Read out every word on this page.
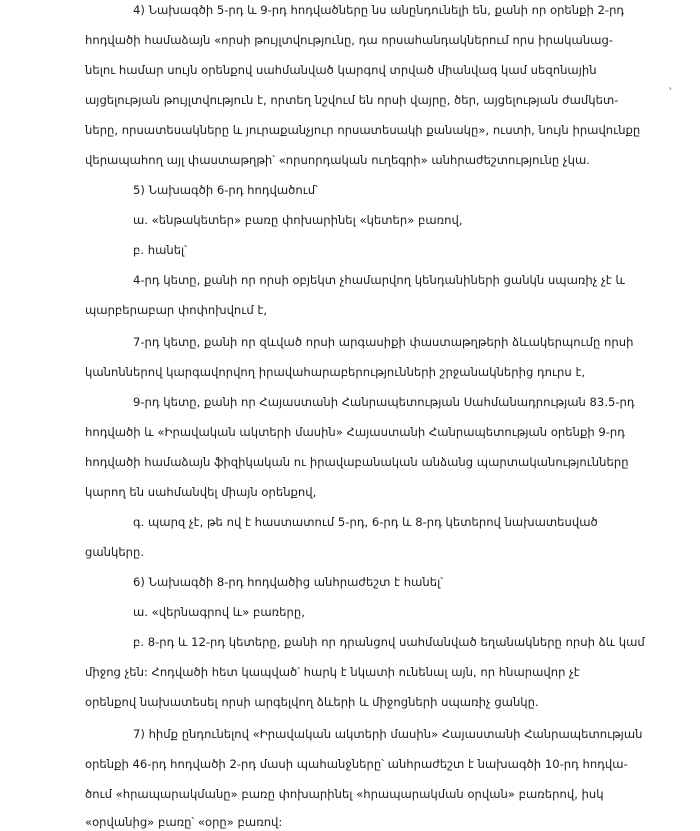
4) Նախագծի 5-րդ և 9-րդ հոդվածները նս անընդունելի են, քանի որ օրենքի 2-րդ
հոդվածի համաձայն «որսի թույլտվությունը, դա որսահանդակներում որս իրականաց-
նելու համար սույն օրենքով սահմանված կարգով տրված միանվագ կամ սեզոնային
այցելության թույլտվություն է, որտեղ նշվում են որսի վայրը, ծեր, այցելության ժամկետ-
ները, որսատեսակները և յուրաքանչյուր որսատեսակի քանակը», ուստի, նույն իրավունքը
վերապահող այլ փաստաթղթի՝ «որսորդական ուղեգրի» անհրաժեշտությունը չկա.
5) Նախագծի 6-րդ հոդվածում՝
ա. «ենթակետեր» բառը փոխարինել «կետեր» բառով,
բ. հանել՝
4-րդ կետը, քանի որ որսի օբյեկտ չհամարվող կենդանիների ցանկն սպառիչ չէ և
պարբերաբար փոփոխվում է,
7-րդ կետը, քանի որ զևված որսի արգասիքի փաստաթղթերի ձևակերպումը որսի
կանոններով կարգավորվող իրավահարաբերությունների շրջանակներից դուրս է,
9-րդ կետը, քանի որ Հայաստանի Հանրապետության Սահմանադրության 83.5-րդ
հոդվածի և «Իրավական ակտերի մասին» Հայաստանի Հանրապետության օրենքի 9-րդ
հոդվածի համաձայն ֆիզիկական ու իրավաբանական անձանց պարտականությունները
կարող են սահմանվել միայն օրենքով,
գ. պարզ չէ, թե ով է հաստատում 5-րդ, 6-րդ և 8-րդ կետերով նախատեսված
ցանկերը.
6) Նախագծի 8-րդ հոդվածից անհրաժեշտ է հանել՝
ա. «վերնագրով և» բառերը,
բ. 8-րդ և 12-րդ կետերը, քանի որ դրանցով սահմանված եղանակները որսի ձև կամ
միջոց չեն: Հոդվածի հետ կապված՝ հարկ է նկատի ունենալ այն, որ հնարավոր չէ
օրենքով նախատեսել որսի արգելվող ձևերի և միջոցների սպառիչ ցանկը.
7) հիմք ընդունելով «Իրավական ակտերի մասին» Հայաստանի Հանրապետության
օրենքի 46-րդ հոդվածի 2-րդ մասի պահանջները՝ անհրաժեշտ է նախագծի 10-րդ հոդվա-
ծում «հրապարակմանը» բառը փոխարինել «հրապարակման օրվան» բառերով, իսկ
«օրվանից» բառը՝ «օրը» բառով:
`
